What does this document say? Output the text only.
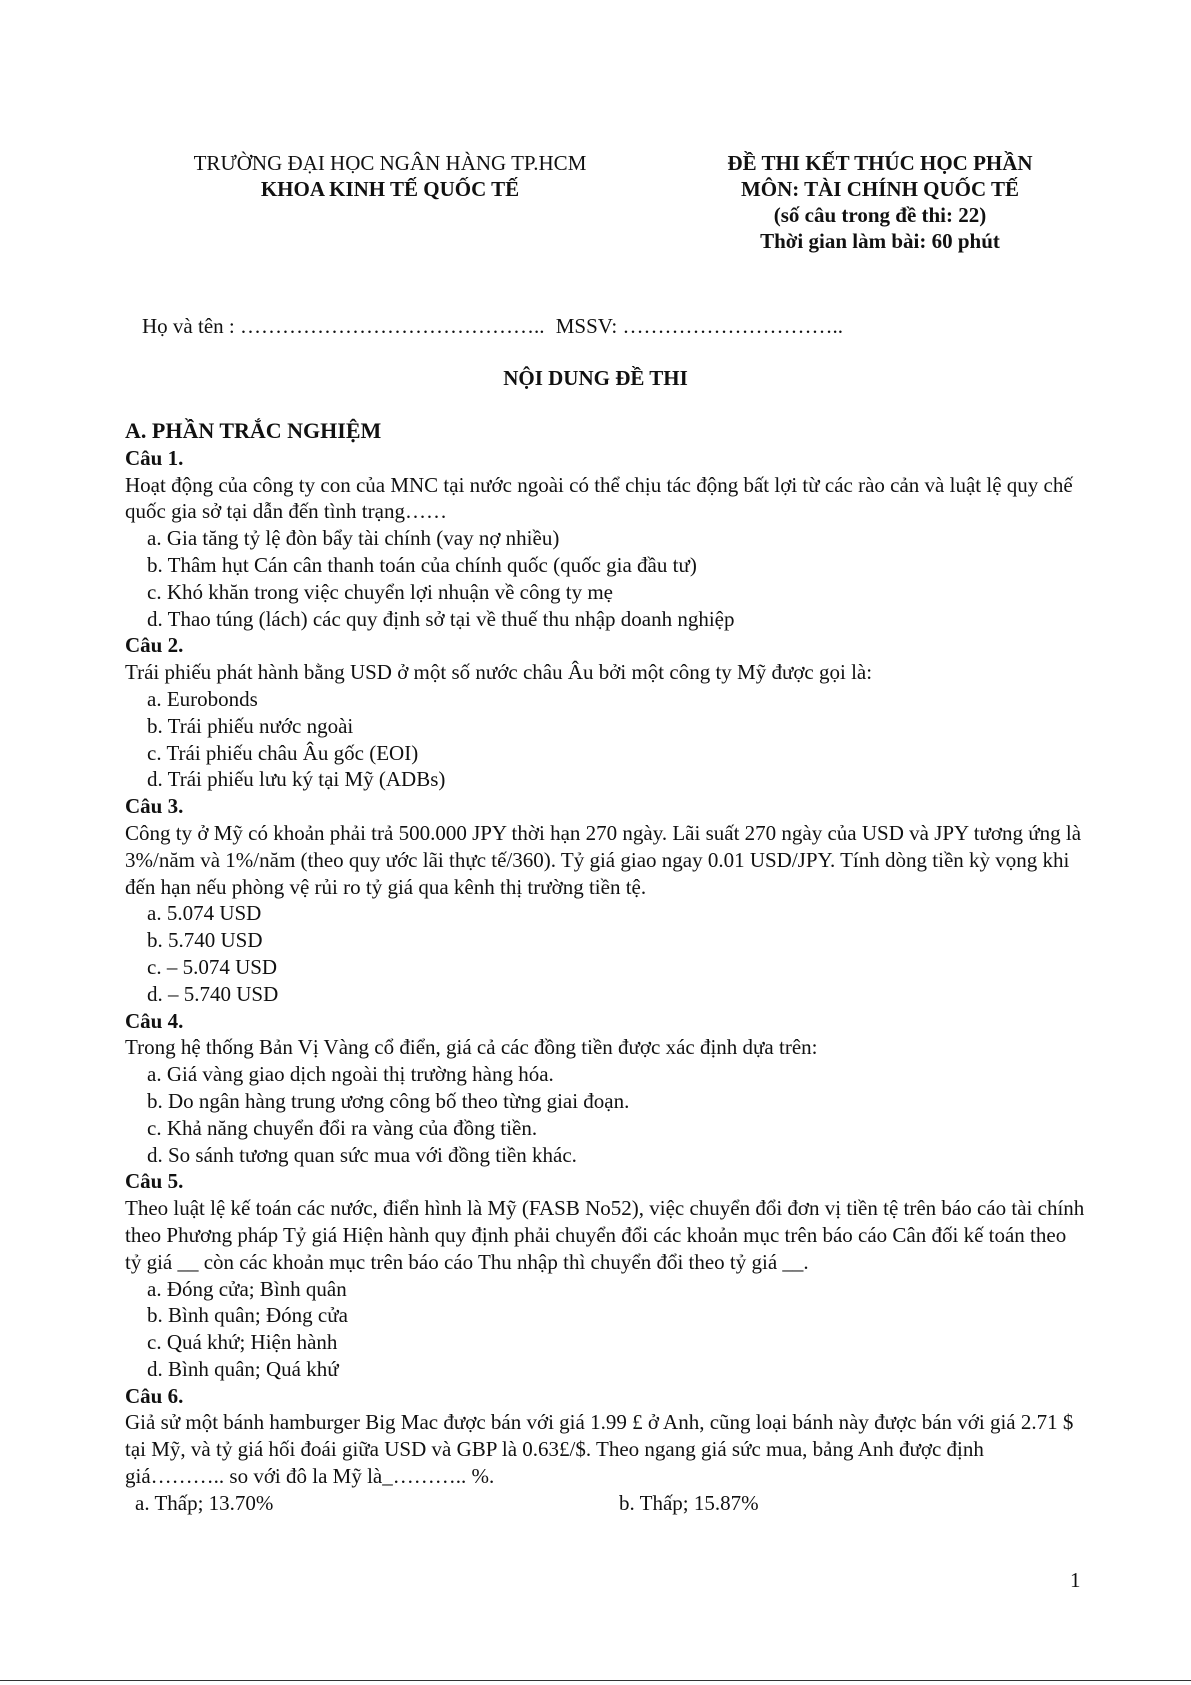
TRƯỜNG ĐẠI HỌC NGÂN HÀNG TP.HCM
KHOA KINH TẾ QUỐC TẾ
ĐỀ THI KẾT THÚC HỌC PHẦN
MÔN: TÀI CHÍNH QUỐC TẾ
(số câu trong đề thi: 22)
Thời gian làm bài: 60 phút
Họ và tên : …………………………………….. MSSV: …………………………..
NỘI DUNG ĐỀ THI
A. PHẦN TRẮC NGHIỆM
Câu 1.
Hoạt động của công ty con của MNC tại nước ngoài có thể chịu tác động bất lợi từ các rào cản và luật lệ quy chế quốc gia sở tại dẫn đến tình trạng……
a. Gia tăng tỷ lệ đòn bẩy tài chính (vay nợ nhiều)
b. Thâm hụt Cán cân thanh toán của chính quốc (quốc gia đầu tư)
c. Khó khăn trong việc chuyển lợi nhuận về công ty mẹ
d. Thao túng (lách) các quy định sở tại về thuế thu nhập doanh nghiệp
Câu 2.
Trái phiếu phát hành bằng USD ở một số nước châu Âu bởi một công ty Mỹ được gọi là:
a. Eurobonds
b. Trái phiếu nước ngoài
c. Trái phiếu châu Âu gốc (EOI)
d. Trái phiếu lưu ký tại Mỹ (ADBs)
Câu 3.
Công ty ở Mỹ có khoản phải trả 500.000 JPY thời hạn 270 ngày. Lãi suất 270 ngày của USD và JPY tương ứng là 3%/năm và 1%/năm (theo quy ước lãi thực tế/360). Tỷ giá giao ngay 0.01 USD/JPY. Tính dòng tiền kỳ vọng khi đến hạn nếu phòng vệ rủi ro tỷ giá qua kênh thị trường tiền tệ.
a. 5.074 USD
b. 5.740 USD
c. – 5.074 USD
d. – 5.740 USD
Câu 4.
Trong hệ thống Bản Vị Vàng cổ điển, giá cả các đồng tiền được xác định dựa trên:
a. Giá vàng giao dịch ngoài thị trường hàng hóa.
b. Do ngân hàng trung ương công bố theo từng giai đoạn.
c. Khả năng chuyển đổi ra vàng của đồng tiền.
d. So sánh tương quan sức mua với đồng tiền khác.
Câu 5.
Theo luật lệ kế toán các nước, điển hình là Mỹ (FASB No52), việc chuyển đổi đơn vị tiền tệ trên báo cáo tài chính theo Phương pháp Tỷ giá Hiện hành quy định phải chuyển đổi các khoản mục trên báo cáo Cân đối kế toán theo tỷ giá __ còn các khoản mục trên báo cáo Thu nhập thì chuyển đổi theo tỷ giá __.
a. Đóng cửa; Bình quân
b. Bình quân; Đóng cửa
c. Quá khứ; Hiện hành
d. Bình quân; Quá khứ
Câu 6.
Giả sử một bánh hamburger Big Mac được bán với giá 1.99 £ ở Anh, cũng loại bánh này được bán với giá 2.71 $ tại Mỹ, và tỷ giá hối đoái giữa USD và GBP là 0.63£/$. Theo ngang giá sức mua, bảng Anh được định giá……….. so với đô la Mỹ là_……….. %.
a. Thấp; 13.70%	b. Thấp; 15.87%
1
